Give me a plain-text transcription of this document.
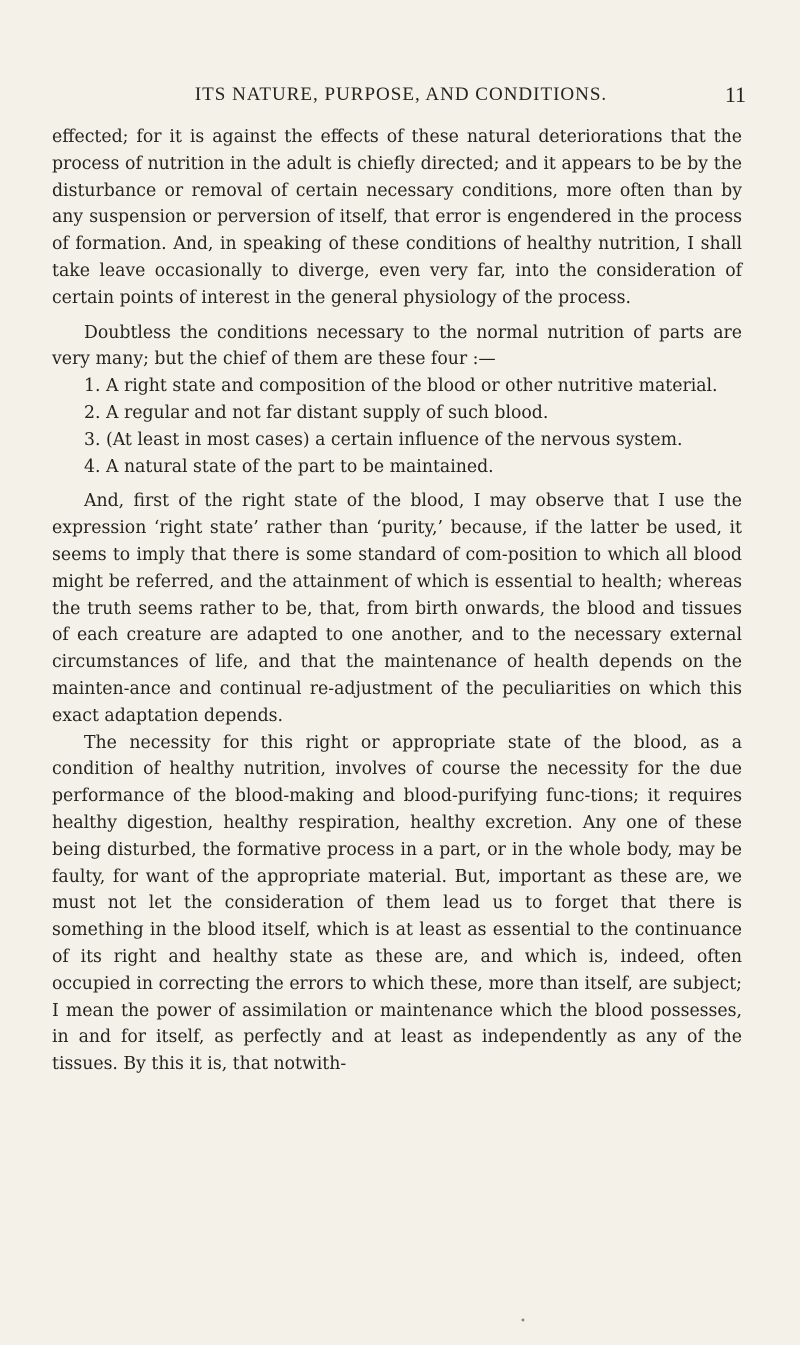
ITS NATURE, PURPOSE, AND CONDITIONS.	11

effected; for it is against the effects of these natural deteriorations that the process of nutrition in the adult is chiefly directed; and it appears to be by the disturbance or removal of certain necessary conditions, more often than by any suspension or perversion of itself, that error is engendered in the process of formation. And, in speaking of these conditions of healthy nutrition, I shall take leave occasionally to diverge, even very far, into the consideration of certain points of interest in the general physiology of the process.

Doubtless the conditions necessary to the normal nutrition of parts are very many; but the chief of them are these four :—

1. A right state and composition of the blood or other nutritive material.

2. A regular and not far distant supply of such blood.

3. (At least in most cases) a certain influence of the nervous system.

4. A natural state of the part to be maintained.

And, first of the right state of the blood, I may observe that I use the expression ‘right state’ rather than ‘purity,’ because, if the latter be used, it seems to imply that there is some standard of com-position to which all blood might be referred, and the attainment of which is essential to health; whereas the truth seems rather to be, that, from birth onwards, the blood and tissues of each creature are adapted to one another, and to the necessary external circumstances of life, and that the maintenance of health depends on the mainten-ance and continual re-adjustment of the peculiarities on which this exact adaptation depends.

The necessity for this right or appropriate state of the blood, as a condition of healthy nutrition, involves of course the necessity for the due performance of the blood-making and blood-purifying func-tions; it requires healthy digestion, healthy respiration, healthy excretion. Any one of these being disturbed, the formative process in a part, or in the whole body, may be faulty, for want of the appropriate material. But, important as these are, we must not let the consideration of them lead us to forget that there is something in the blood itself, which is at least as essential to the continuance of its right and healthy state as these are, and which is, indeed, often occupied in correcting the errors to which these, more than itself, are subject; I mean the power of assimilation or maintenance which the blood possesses, in and for itself, as perfectly and at least as independently as any of the tissues. By this it is, that notwith-

•
